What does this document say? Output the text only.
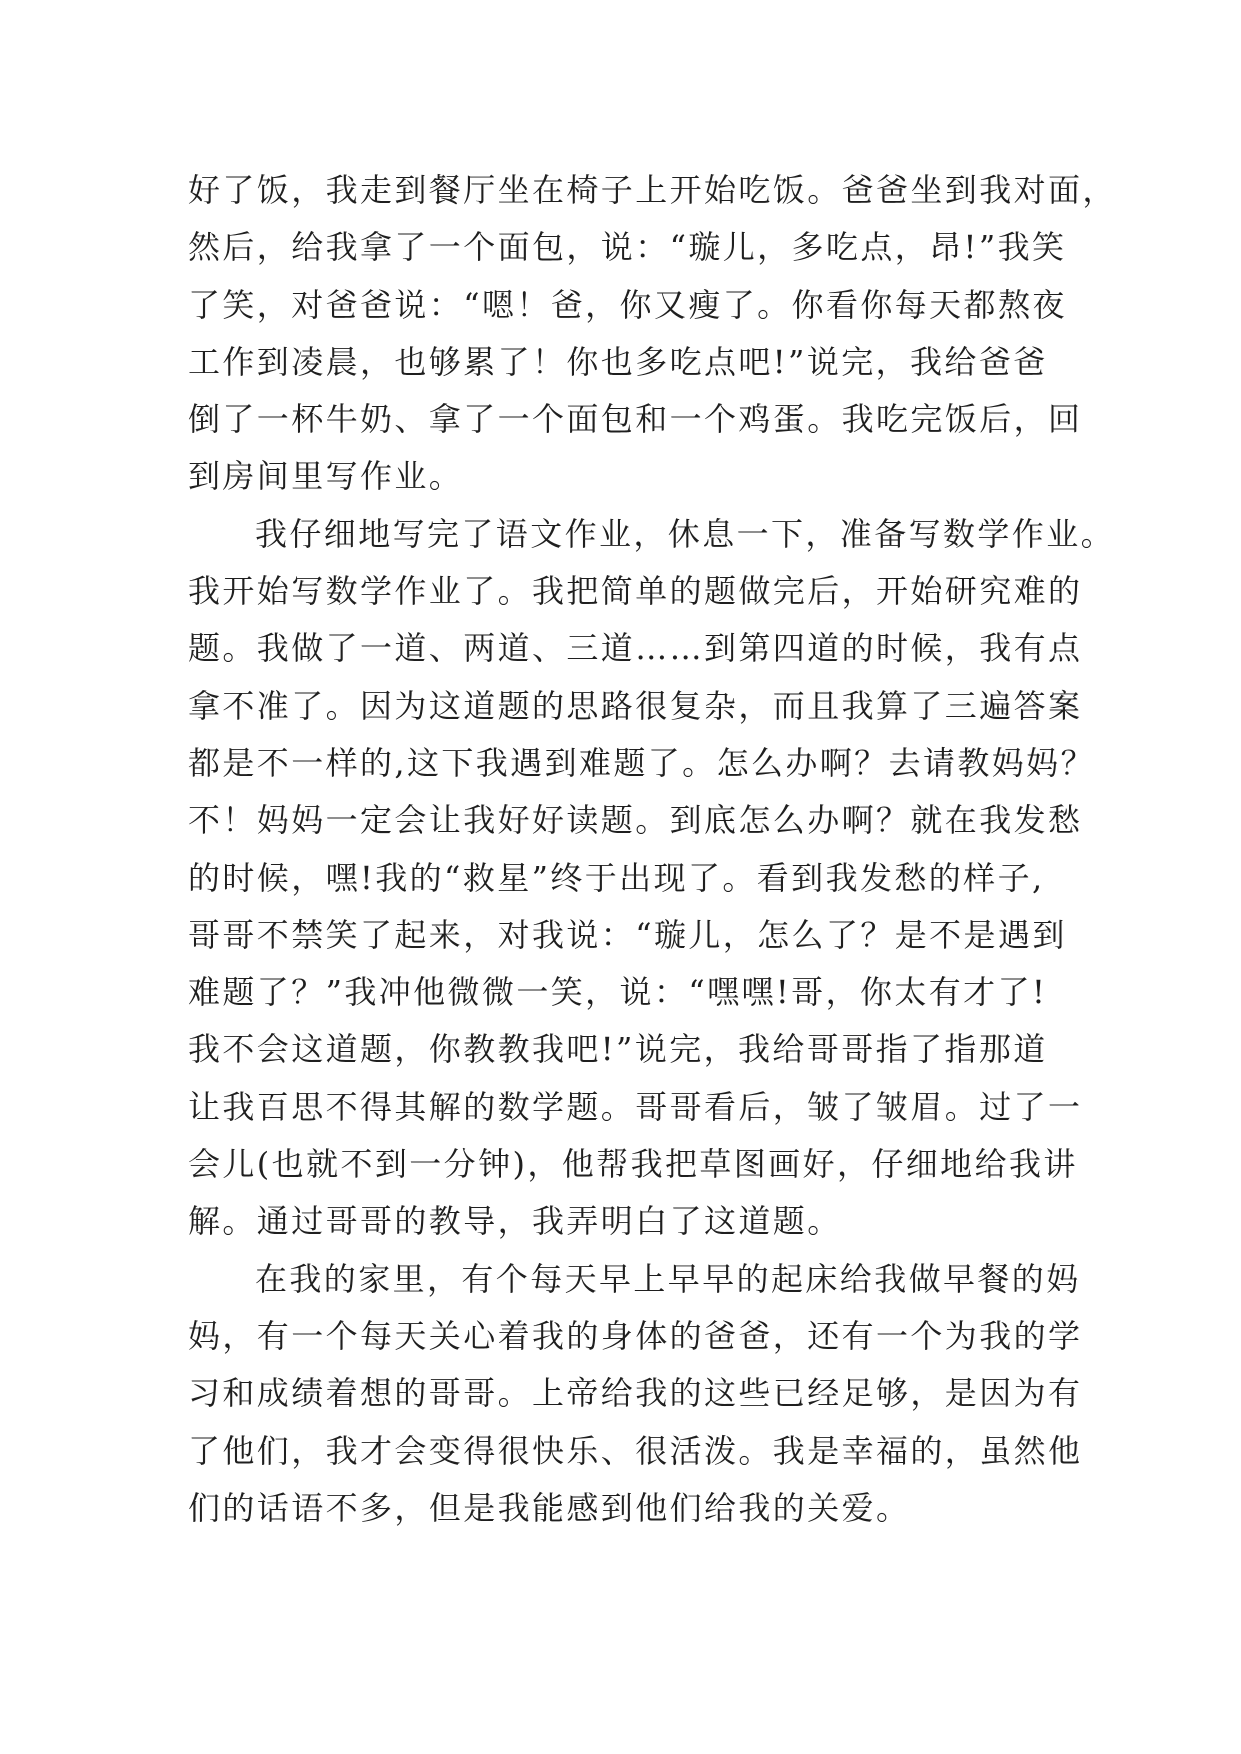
好了饭，我走到餐厅坐在椅子上开始吃饭。爸爸坐到我对面，
然后，给我拿了一个面包，说：“璇儿，多吃点，昂!”我笑
了笑，对爸爸说：“嗯！爸，你又瘦了。你看你每天都熬夜
工作到凌晨，也够累了！你也多吃点吧!”说完，我给爸爸
倒了一杯牛奶、拿了一个面包和一个鸡蛋。我吃完饭后，回
到房间里写作业。
我仔细地写完了语文作业，休息一下，准备写数学作业。
我开始写数学作业了。我把简单的题做完后，开始研究难的
题。我做了一道、两道、三道……到第四道的时候，我有点
拿不准了。因为这道题的思路很复杂，而且我算了三遍答案
都是不一样的,这下我遇到难题了。怎么办啊？去请教妈妈？
不！妈妈一定会让我好好读题。到底怎么办啊？就在我发愁
的时候，嘿!我的“救星”终于出现了。看到我发愁的样子,
哥哥不禁笑了起来，对我说：“璇儿，怎么了？是不是遇到
难题了？”我冲他微微一笑，说：“嘿嘿!哥，你太有才了!
我不会这道题，你教教我吧!”说完，我给哥哥指了指那道
让我百思不得其解的数学题。哥哥看后，皱了皱眉。过了一
会儿(也就不到一分钟)，他帮我把草图画好，仔细地给我讲
解。通过哥哥的教导，我弄明白了这道题。
在我的家里，有个每天早上早早的起床给我做早餐的妈
妈，有一个每天关心着我的身体的爸爸，还有一个为我的学
习和成绩着想的哥哥。上帝给我的这些已经足够，是因为有
了他们，我才会变得很快乐、很活泼。我是幸福的，虽然他
们的话语不多，但是我能感到他们给我的关爱。
